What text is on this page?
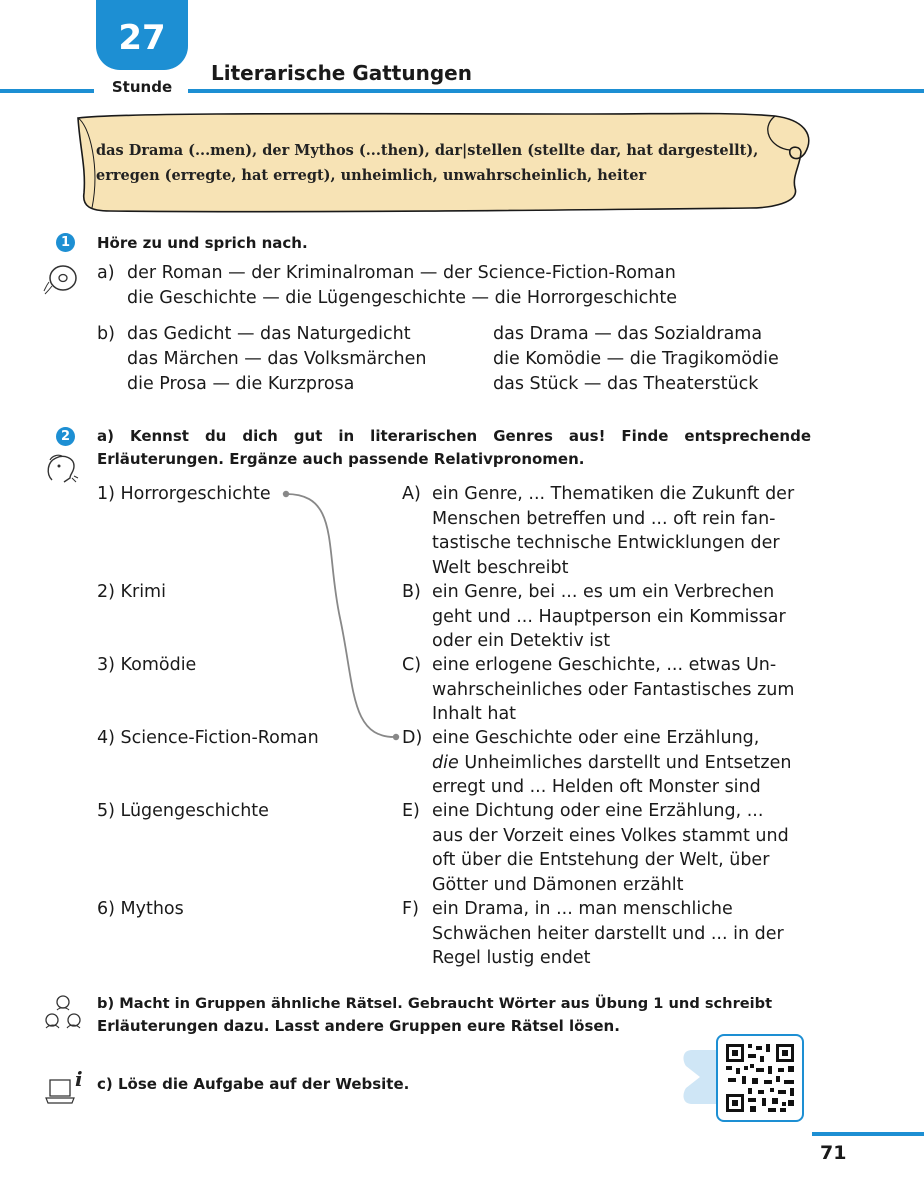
27
Stunde
Literarische Gattungen
das Drama (...men), der Mythos (...then), dar|stellen (stellte dar, hat dargestellt),
erregen (erregte, hat erregt), unheimlich, unwahrscheinlich, heiter
1	Höre zu und sprich nach.
a) der Roman — der Kriminalroman — der Science-Fiction-Roman
die Geschichte — die Lügengeschichte — die Horrorgeschichte
b) das Gedicht — das Naturgedicht
das Märchen — das Volksmärchen
die Prosa — die Kurzprosa
das Drama — das Sozialdrama
die Komödie — die Tragikomödie
das Stück — das Theaterstück
2	a) Kennst du dich gut in literarischen Genres aus! Finde entsprechende
Erläuterungen. Ergänze auch passende Relativpronomen.
1) Horrorgeschichte
2) Krimi
3) Komödie
4) Science-Fiction-Roman
5) Lügengeschichte
6) Mythos
A) ein Genre, ... Thematiken die Zukunft der
Menschen betreffen und ... oft rein fan-
tastische technische Entwicklungen der
Welt beschreibt
B) ein Genre, bei ... es um ein Verbrechen
geht und ... Hauptperson ein Kommissar
oder ein Detektiv ist
C) eine erlogene Geschichte, ... etwas Un-
wahrscheinliches oder Fantastisches zum
Inhalt hat
D) eine Geschichte oder eine Erzählung,
die Unheimliches darstellt und Entsetzen
erregt und ... Helden oft Monster sind
E) eine Dichtung oder eine Erzählung, ...
aus der Vorzeit eines Volkes stammt und
oft über die Entstehung der Welt, über
Götter und Dämonen erzählt
F) ein Drama, in ... man menschliche
Schwächen heiter darstellt und ... in der
Regel lustig endet
b) Macht in Gruppen ähnliche Rätsel. Gebraucht Wörter aus Übung 1 und schreibt
Erläuterungen dazu. Lasst andere Gruppen eure Rätsel lösen.
i c) Löse die Aufgabe auf der Website.
71
